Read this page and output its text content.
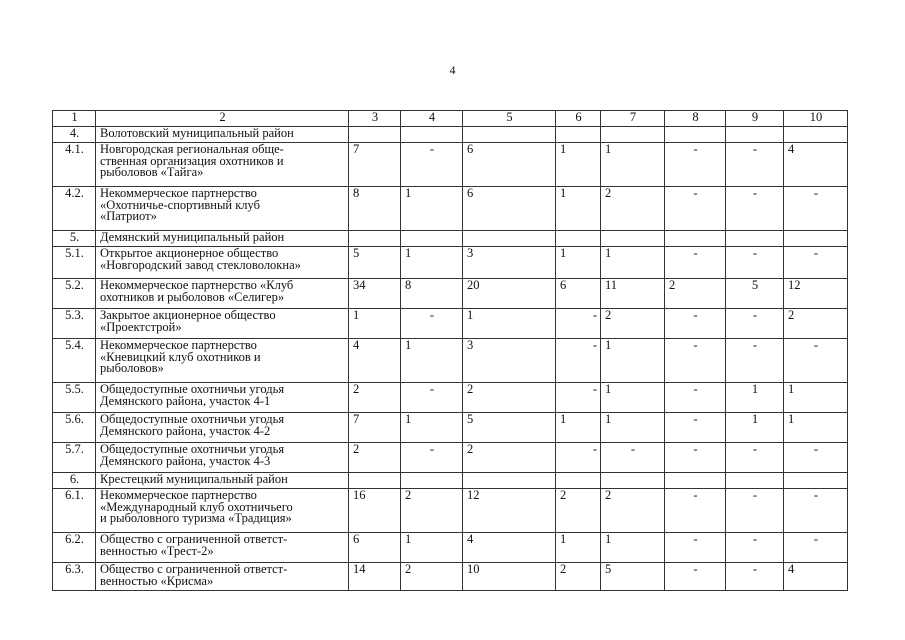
4
1	2	3	4	5	6	7	8	9	10
4.	Волотовский муниципальный район								
4.1.	Новгородская региональная обще-
ственная организация охотников и
рыболовов «Тайга»	7	-	6	1	1	-	-	4
4.2.	Некоммерческое партнерство
«Охотничье-спортивный клуб
«Патриот»	8	1	6	1	2	-	-	-
5.	Демянский муниципальный район								
5.1.	Открытое акционерное общество
«Новгородский завод стекловолокна»	5	1	3	1	1	-	-	-
5.2.	Некоммерческое партнерство «Клуб
охотников и рыболовов «Селигер»	34	8	20	6	11	2	5	12
5.3.	Закрытое акционерное общество
«Проектстрой»	1	-	1	-	2	-	-	2
5.4.	Некоммерческое партнерство
«Кневицкий клуб охотников и
рыболовов»	4	1	3	-	1	-	-	-
5.5.	Общедоступные охотничьи угодья
Демянского района, участок 4-1	2	-	2	-	1	-	1	1
5.6.	Общедоступные охотничьи угодья
Демянского района, участок 4-2	7	1	5	1	1	-	1	1
5.7.	Общедоступные охотничьи угодья
Демянского района, участок 4-3	2	-	2	-	-	-	-	-
6.	Крестецкий муниципальный район								
6.1.	Некоммерческое партнерство
«Международный клуб охотничьего
и рыболовного туризма «Традиция»	16	2	12	2	2	-	-	-
6.2.	Общество с ограниченной ответст-
венностью «Трест-2»	6	1	4	1	1	-	-	-
6.3.	Общество с ограниченной ответст-
венностью «Крисма»	14	2	10	2	5	-	-	4
